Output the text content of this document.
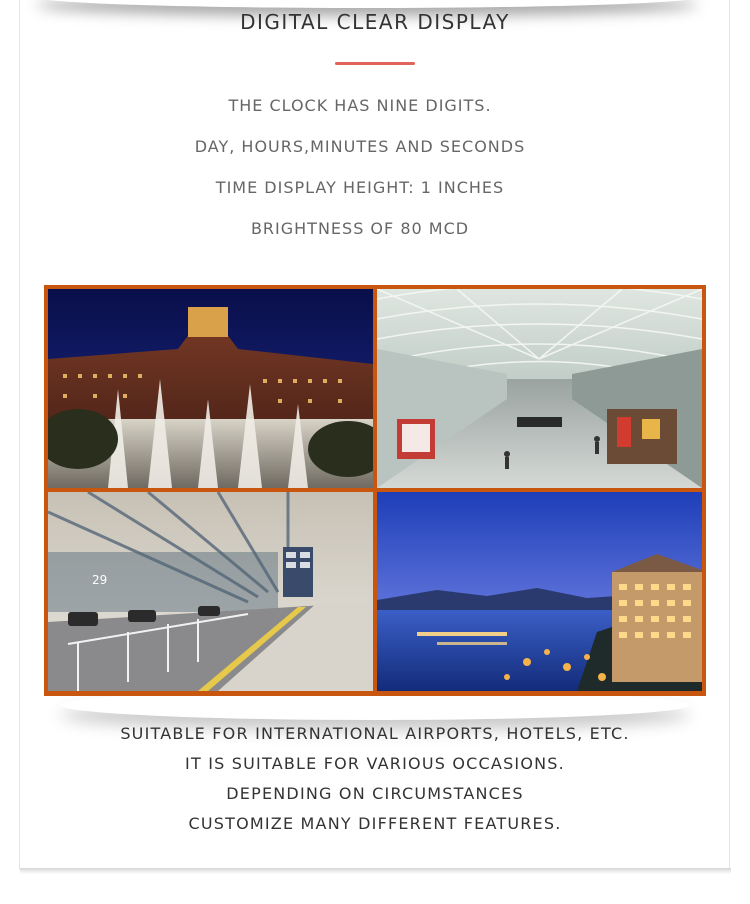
DIGITAL CLEAR DISPLAY
THE CLOCK HAS NINE DIGITS.
DAY, HOURS,MINUTES AND SECONDS
TIME DISPLAY HEIGHT: 1 INCHES
BRIGHTNESS OF 80 MCD
29
SUITABLE FOR INTERNATIONAL AIRPORTS, HOTELS, ETC.
IT IS SUITABLE FOR VARIOUS OCCASIONS.
DEPENDING ON CIRCUMSTANCES
CUSTOMIZE MANY DIFFERENT FEATURES.
